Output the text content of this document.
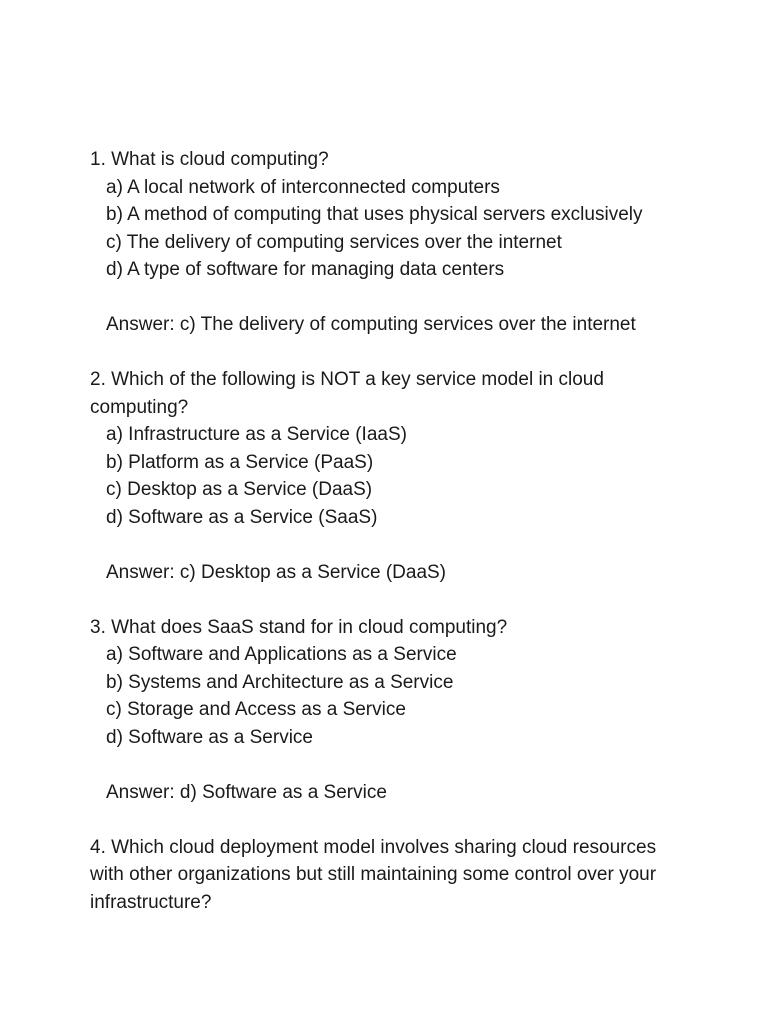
1. What is cloud computing?
a) A local network of interconnected computers
b) A method of computing that uses physical servers exclusively
c) The delivery of computing services over the internet
d) A type of software for managing data centers
Answer: c) The delivery of computing services over the internet
2. Which of the following is NOT a key service model in cloud computing?
a) Infrastructure as a Service (IaaS)
b) Platform as a Service (PaaS)
c) Desktop as a Service (DaaS)
d) Software as a Service (SaaS)
Answer: c) Desktop as a Service (DaaS)
3. What does SaaS stand for in cloud computing?
a) Software and Applications as a Service
b) Systems and Architecture as a Service
c) Storage and Access as a Service
d) Software as a Service
Answer: d) Software as a Service
4. Which cloud deployment model involves sharing cloud resources with other organizations but still maintaining some control over your infrastructure?
